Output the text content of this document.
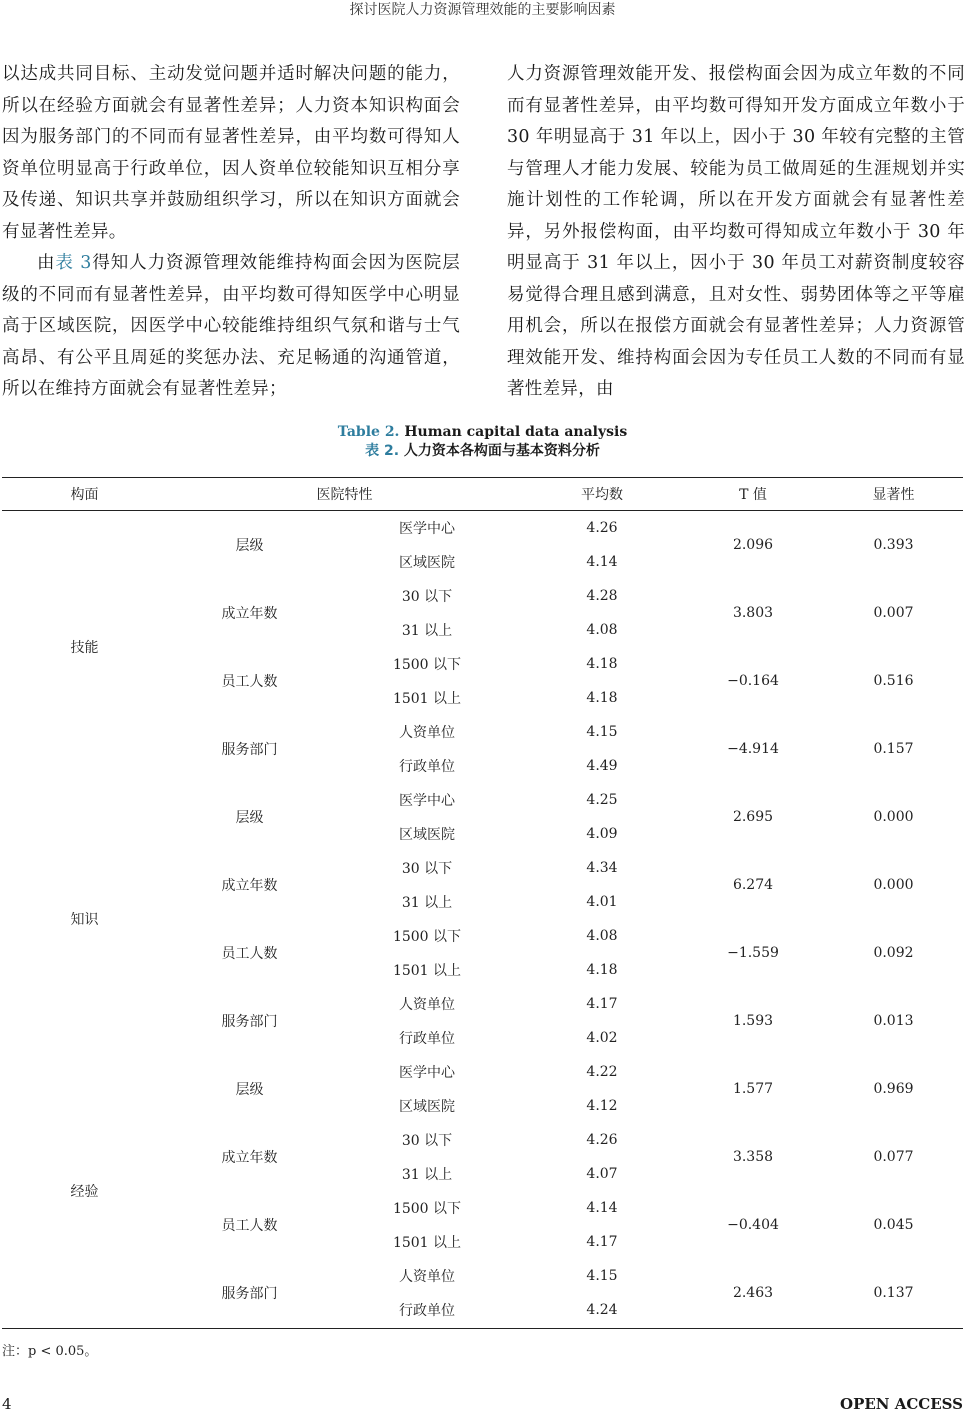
探讨医院人力资源管理效能的主要影响因素

以达成共同目标、主动发觉问题并适时解决问题的能力，所以在经验方面就会有显著性差异；人力资本知识构面会因为服务部门的不同而有显著性差异，由平均数可得知人资单位明显高于行政单位，因人资单位较能知识互相分享及传递、知识共享并鼓励组织学习，所以在知识方面就会有显著性差异。

由表 3得知人力资源管理效能维持构面会因为医院层级的不同而有显著性差异，由平均数可得知医学中心明显高于区域医院，因医学中心较能维持组织气氛和谐与士气高昂、有公平且周延的奖惩办法、充足畅通的沟通管道，所以在维持方面就会有显著性差异；

人力资源管理效能开发、报偿构面会因为成立年数的不同而有显著性差异，由平均数可得知开发方面成立年数小于 30 年明显高于 31 年以上，因小于 30 年较有完整的主管与管理人才能力发展、较能为员工做周延的生涯规划并实施计划性的工作轮调，所以在开发方面就会有显著性差异，另外报偿构面，由平均数可得知成立年数小于 30 年明显高于 31 年以上，因小于 30 年员工对薪资制度较容易觉得合理且感到满意，且对女性、弱势团体等之平等雇用机会，所以在报偿方面就会有显著性差异；人力资源管理效能开发、维持构面会因为专任员工人数的不同而有显著性差异，由

Table 2. Human capital data analysis
表 2. 人力资本各构面与基本资料分析
构面	医院特性		平均数	T 值	显著性
技能	层级	医学中心	4.26	2.096	0.393
		区域医院	4.14		
	成立年数	30 以下	4.28	3.803	0.007
		31 以上	4.08		
	员工人数	1500 以下	4.18	−0.164	0.516
		1501 以上	4.18		
	服务部门	人资单位	4.15	−4.914	0.157
		行政单位	4.49		
知识	层级	医学中心	4.25	2.695	0.000
		区域医院	4.09		
	成立年数	30 以下	4.34	6.274	0.000
		31 以上	4.01		
	员工人数	1500 以下	4.08	−1.559	0.092
		1501 以上	4.18		
	服务部门	人资单位	4.17	1.593	0.013
		行政单位	4.02		
经验	层级	医学中心	4.22	1.577	0.969
		区域医院	4.12		
	成立年数	30 以下	4.26	3.358	0.077
		31 以上	4.07		
	员工人数	1500 以下	4.14	−0.404	0.045
		1501 以上	4.17		
	服务部门	人资单位	4.15	2.463	0.137
		行政单位	4.24		
注：p < 0.05。
4	OPEN ACCESS
